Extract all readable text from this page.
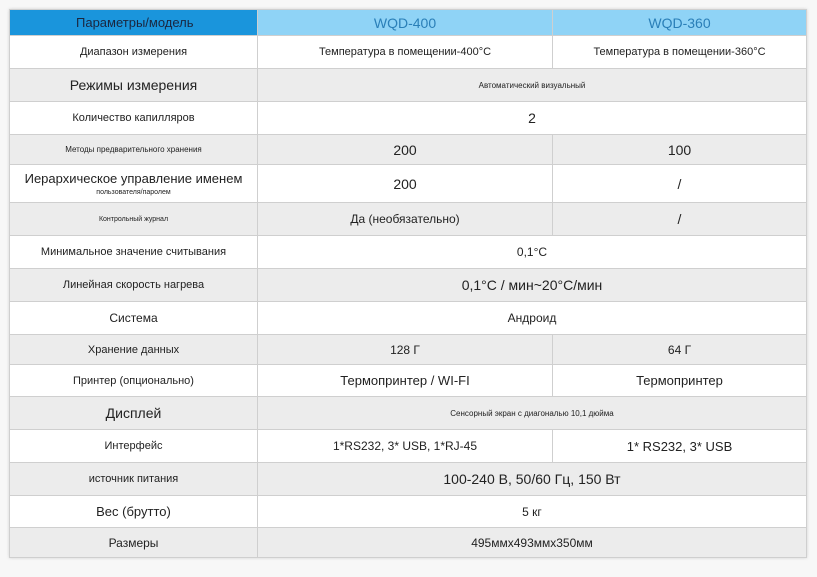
Параметры/модель	WQD-400	WQD-360
Диапазон измерения	Температура в помещении-400°C	Температура в помещении-360°C
Режимы измерения	Автоматический визуальный	
Количество капилляров	2	
Методы предварительного хранения	200	100

Иерархическое управление именем
пользователя/паролем	200	/
Контрольный журнал	Да (необязательно)	/
Минимальное значение считывания	0,1°C	
Линейная скорость нагрева	0,1°C / мин~20°C/мин	
Система	Андроид	
Хранение данных	128 Г	64 Г
Принтер (опционально)	Термопринтер / WI-FI	Термопринтер
Дисплей	Сенсорный экран с диагональю 10,1 дюйма	
Интерфейс	1*RS232, 3* USB, 1*RJ-45	1* RS232, 3* USB
источник питания	100-240 В, 50/60 Гц, 150 Вт	
Вес (брутто)	5 кг	
Размеры	495ммх493ммх350мм	
